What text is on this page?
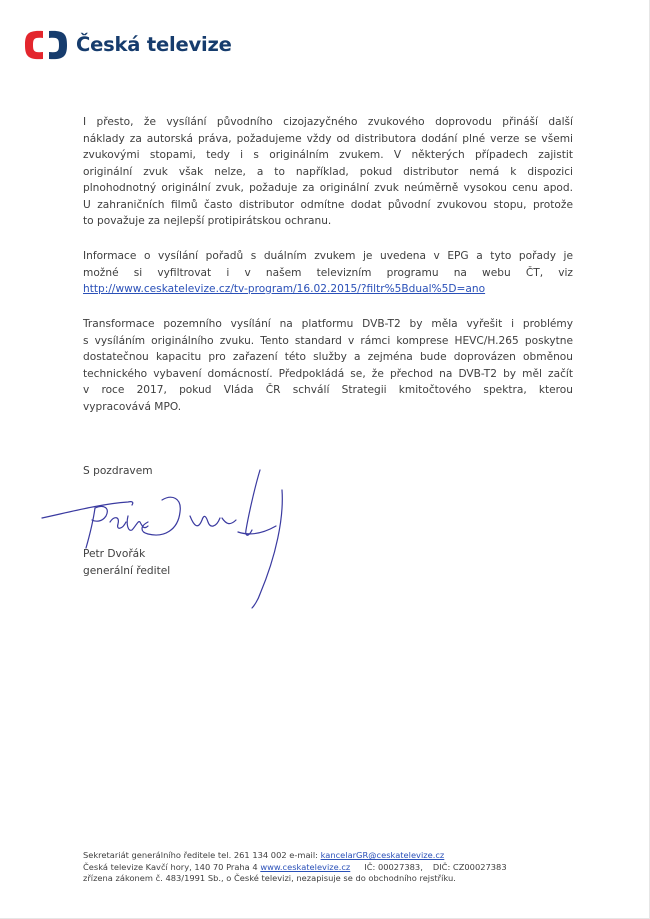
Česká televize

I přesto, že vysílání původního cizojazyčného zvukového doprovodu přináší další
náklady za autorská práva, požadujeme vždy od distributora dodání plné verze se všemi
zvukovými stopami, tedy i s originálním zvukem. V některých případech zajistit
originální zvuk však nelze, a to například, pokud distributor nemá k dispozici
plnohodnotný originální zvuk, požaduje za originální zvuk neúměrně vysokou cenu apod.
U zahraničních filmů často distributor odmítne dodat původní zvukovou stopu, protože
to považuje za nejlepší protipirátskou ochranu.

Informace o vysílání pořadů s duálním zvukem je uvedena v EPG a tyto pořady je
možné si vyfiltrovat i v našem televizním programu na webu ČT, viz
http://www.ceskatelevize.cz/tv-program/16.02.2015/?filtr%5Bdual%5D=ano

Transformace pozemního vysílání na platformu DVB-T2 by měla vyřešit i problémy
s vysíláním originálního zvuku. Tento standard v rámci komprese HEVC/H.265 poskytne
dostatečnou kapacitu pro zařazení této služby a zejména bude doprovázen obměnou
technického vybavení domácností. Předpokládá se, že přechod na DVB-T2 by měl začít
v roce 2017, pokud Vláda ČR schválí Strategii kmitočtového spektra, kterou
vypracovává MPO.

S pozdravem

Petr Dvořák
generální ředitel
Sekretariát generálního ředitele tel. 261 134 002 e-mail: kancelarGR@ceskatelevize.cz
Česká televize Kavčí hory, 140 70 Praha 4 www.ceskatelevize.cz IČ: 00027383, DIČ: CZ00027383
zřízena zákonem č. 483/1991 Sb., o České televizi, nezapisuje se do obchodního rejstříku.
